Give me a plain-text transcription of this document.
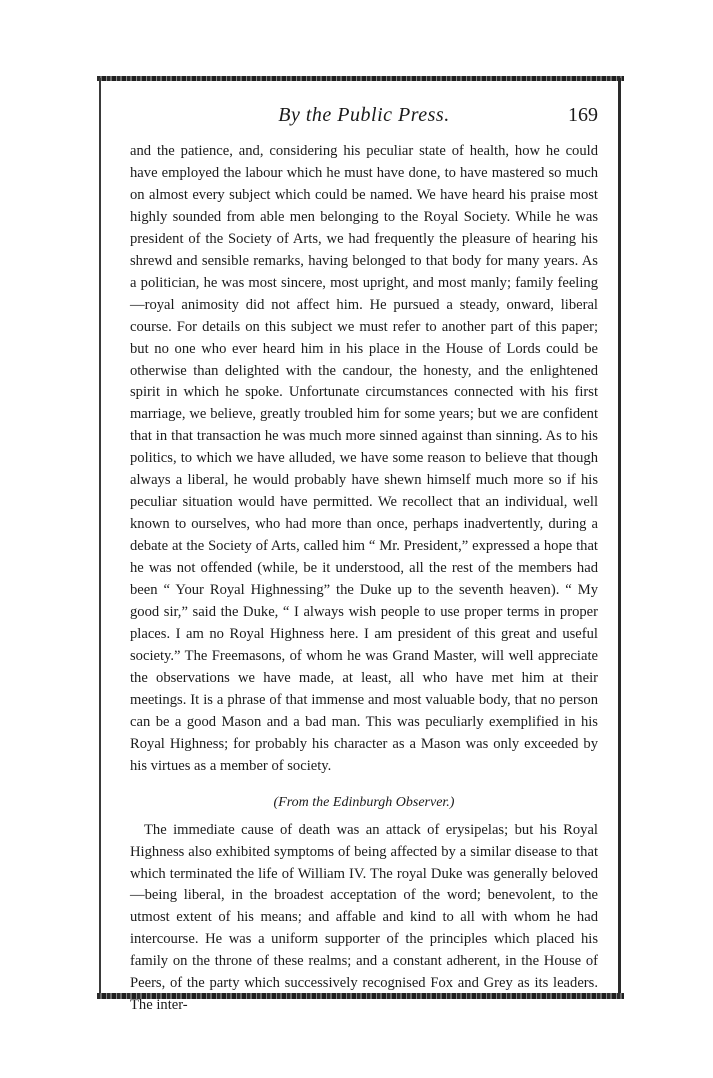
By the Public Press.	169

and the patience, and, considering his peculiar state of health, how he could have employed the labour which he must have done, to have mastered so much on almost every subject which could be named. We have heard his praise most highly sounded from able men belonging to the Royal Society. While he was president of the Society of Arts, we had frequently the pleasure of hearing his shrewd and sensible remarks, having belonged to that body for many years. As a politician, he was most sincere, most upright, and most manly; family feeling—royal animosity did not affect him. He pursued a steady, onward, liberal course. For details on this subject we must refer to another part of this paper; but no one who ever heard him in his place in the House of Lords could be otherwise than delighted with the candour, the honesty, and the enlightened spirit in which he spoke. Unfortunate circumstances connected with his first marriage, we believe, greatly troubled him for some years; but we are confident that in that transaction he was much more sinned against than sinning. As to his politics, to which we have alluded, we have some reason to believe that though always a liberal, he would probably have shewn himself much more so if his peculiar situation would have permitted. We recollect that an individual, well known to ourselves, who had more than once, perhaps inadvertently, during a debate at the Society of Arts, called him “ Mr. President,” expressed a hope that he was not offended (while, be it understood, all the rest of the members had been “ Your Royal Highnessing” the Duke up to the seventh heaven). “ My good sir,” said the Duke, “ I always wish people to use proper terms in proper places. I am no Royal Highness here. I am president of this great and useful society.” The Freemasons, of whom he was Grand Master, will well appreciate the observations we have made, at least, all who have met him at their meetings. It is a phrase of that immense and most valuable body, that no person can be a good Mason and a bad man. This was peculiarly exemplified in his Royal Highness; for probably his character as a Mason was only exceeded by his virtues as a member of society.

(From the Edinburgh Observer.)

The immediate cause of death was an attack of erysipelas; but his Royal Highness also exhibited symptoms of being affected by a similar disease to that which terminated the life of William IV. The royal Duke was generally beloved—being liberal, in the broadest acceptation of the word; benevolent, to the utmost extent of his means; and affable and kind to all with whom he had intercourse. He was a uniform supporter of the principles which placed his family on the throne of these realms; and a constant adherent, in the House of Peers, of the party which successively recognised Fox and Grey as its leaders. The inter-
